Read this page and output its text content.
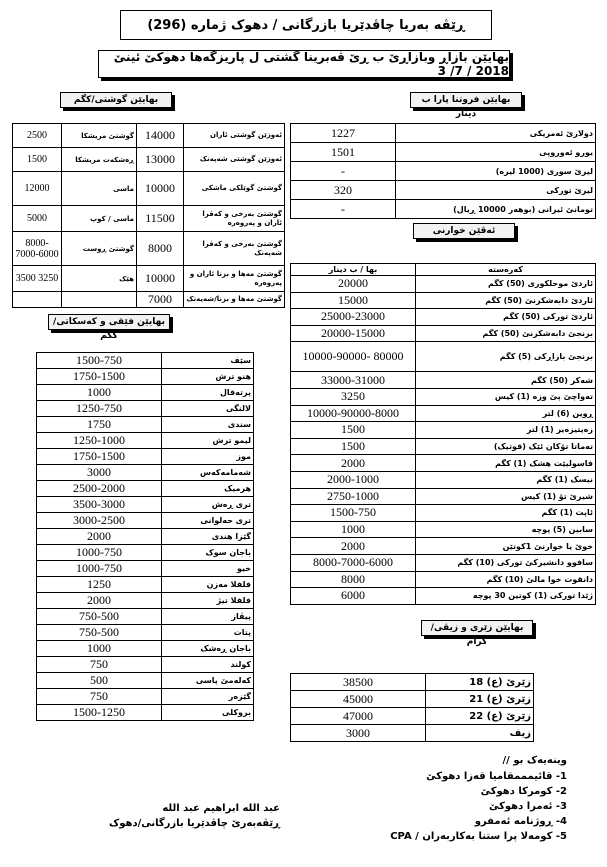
ڕێڤە بەریا چاڤدێریا بازرگانی / دهوک ژمارە (296)
بهایێن بازاڕ وبازاڕێ ب ڕێ ڤەبرینا گشتی ل پاریزگەها دهوکێ ئینێ 2018 / 7/ 3
بهایێن فروتنا پارا ب دینار
1227	دولارێ ئەمریکی
1501	یورو ئەوروپی
-	لیرێ سوری (1000 لیرە)
320	لیرێ تورکی
-	تومانێ ئیرانی (بوهەر 10000 ڕیال)
بهایێن گوشتی/کگم
2500	گوشتێ مریشکا	14000	ئەوزێن گوشتی ئاران
1500	ڕەشکەت مریشکا	13000	ئەوزێن گوشتی شەپەنک
12000	ماسی	10000	گوشتێ گوێلکی ماشکی
5000	ماسی / کوپ	11500	گوشتێ بەرخی و کەڤرا ئاران و پەروەرە
8000-7000-6000	گوشتێ ڕوست	8000	گوشتێ بەرخی و کەڤرا شەپەنک
3500 3250	هێک	10000	گوشتێ مەها و بزنا ئاران و پەروەرە
		7000	گوشتێ مەها و بزنا/شەپەنک
ئەڤێن خوارنی
بها / ب دینار	کەرەستە
20000	ئاردێ موحلکوری (50) کگم
15000	ئاردێ دابەشکرنێ (50) کگم
25000-23000	ئاردێ تورکی (50) کگم
20000-15000	برنجێ دابەشکرنێ (50) کگم
10000-90000- 80000	برنجێ بازاڕکی (5) کگم
33000-31000	شەکر (50) کگم
3250	تەواچێ پێ وزە (1) کیس
10000-90000-8000	ڕوین (6) لتر
1500	زەیتیزەیر (1) لتر
1500	تەماتا تۆکان ئێک (قوتیک)
2000	فاسولیێت هشک (1) کگم
2000-1000	نیسک (1) کگم
2750-1000	شیرێ تۆ (1) کیس
1500-750	ئاپت (1) کگم
1000	سابین (5) پوچە
2000	خوێ یا خوارنێ 1کوتێن
8000-7000-6000	سافوو دانشیرکێ تورکی (10) کگم
8000	دانقوت خوا مالێ (10) کگم
6000	ژێدا تورکی (1) کوتین 30 پوچە
بهایێن فێقی و کەسکاتی/کگم
1500-750	سێف
1750-1500	هنو ترش
1000	پرتەقال
1250-750	لالنگی
1750	سندی
1250-1000	لیمو ترش
1750-1500	موز
3000	شەمامەکەس
2500-2000	هرمیک
3500-3000	تری ڕەش
3000-2500	تری حەلوانی
2000	گێزا هندی
1000-750	باجان سوک
1000-750	خیو
1250	فلفلا مەزن
2000	فلفلا تیژ
750-500	پیڤاز
750-500	پتات
1000	باجان ڕەشک
750	کولند
500	کەلەمێ پاسی
750	گێزەر
1500-1250	بروکلی
بهایێن زێری و زیڤی/گرام
38500	زێرێ (ع) 18
45000	زێرێ (ع) 21
47000	زێرێ (ع) 22
3000	زیف
وینەیەک بو //
1- قائیمممقامیا قەزا دهوکێ
2- کومرکا دهوکێ
3- ئەمرا دهوکێ
4- ڕوژنامە ئەمفرو
5- کومەلا پرا ستنا بەکاربەران / CPA
عبد الله ابراهیم عبد الله
ڕێڤەبەرێ چاڤدێریا بازرگانی/دهوک
